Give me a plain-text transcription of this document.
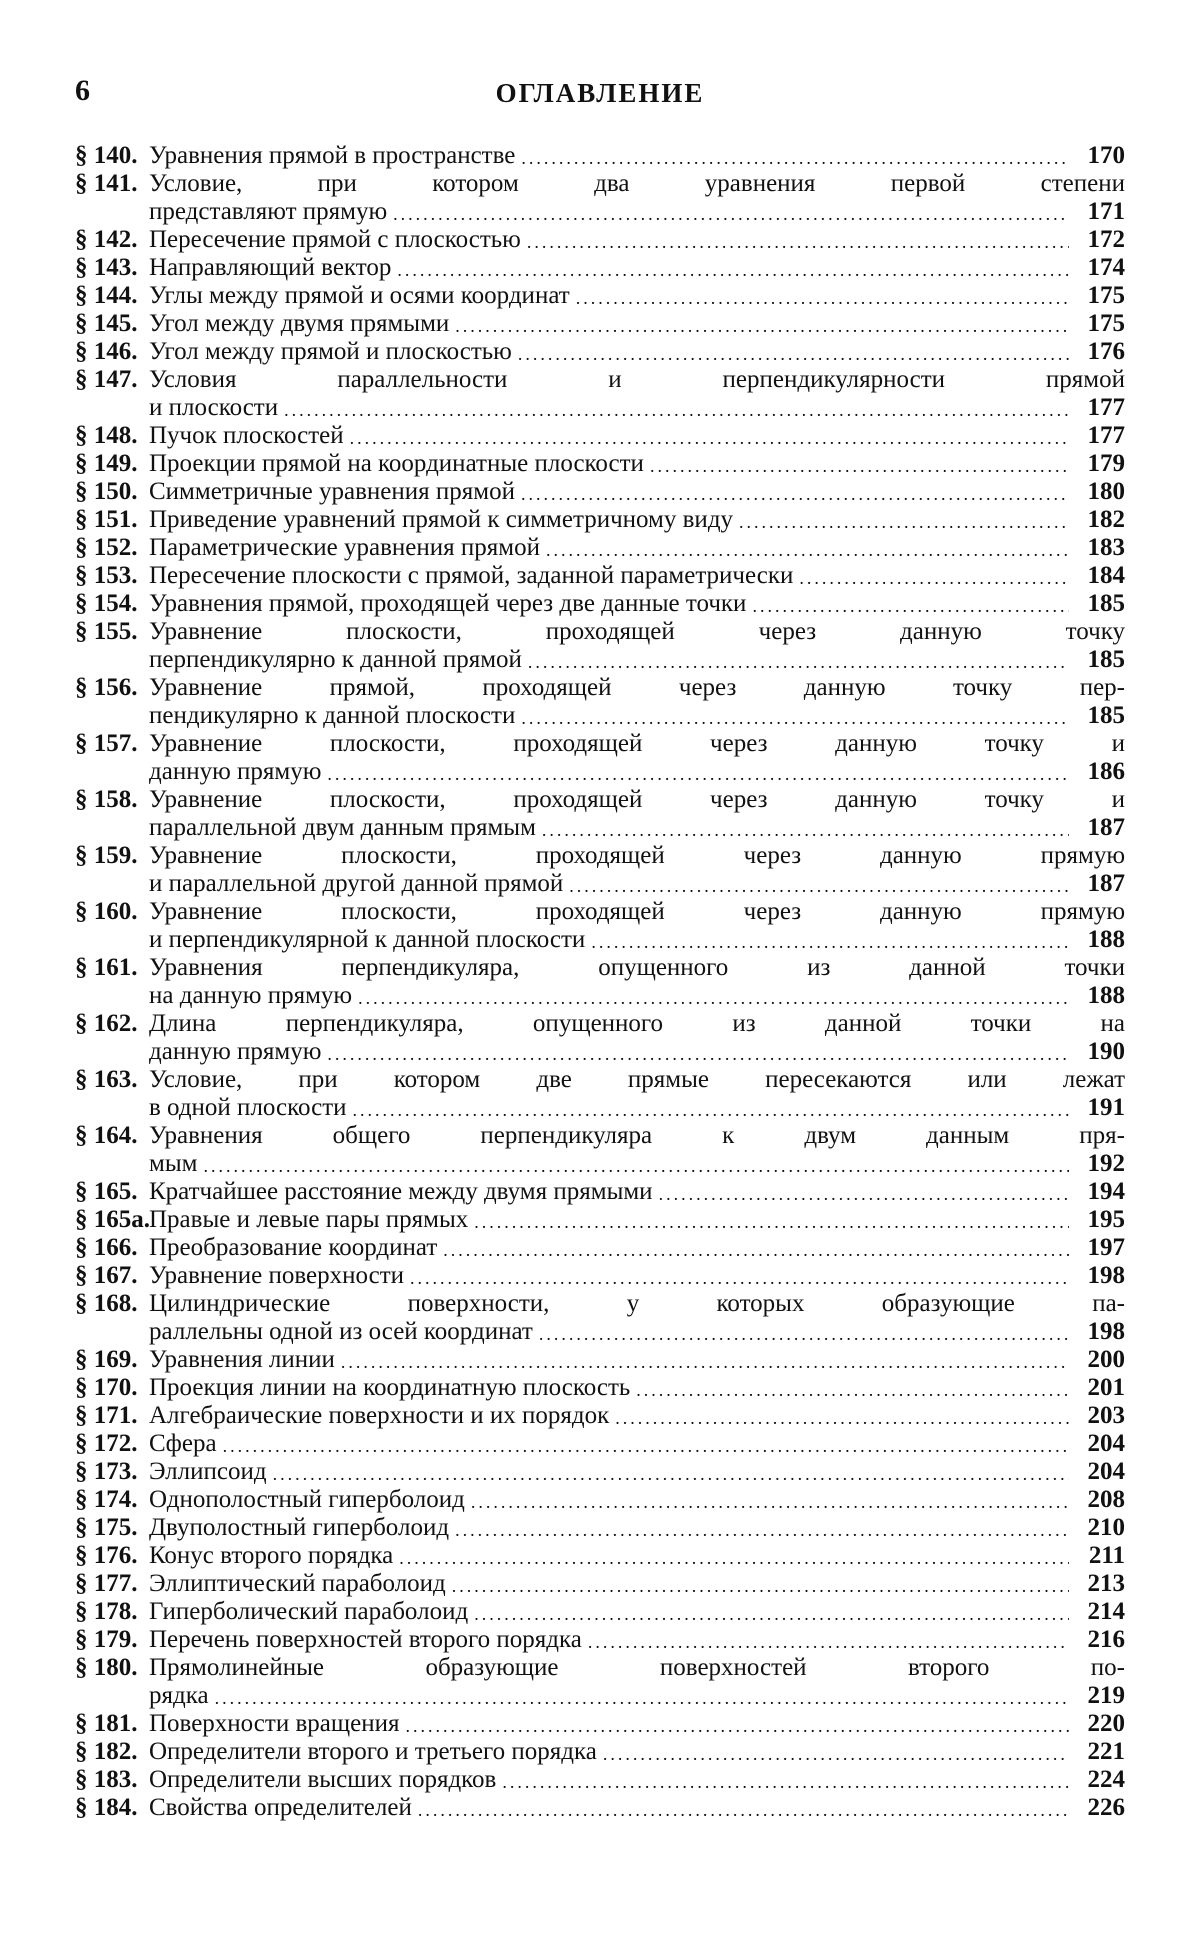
6	ОГЛАВЛЕНИЕ
§ 140. Уравнения прямой в пространстве .....	170
§ 141. Условие, при котором два уравнения первой степени
представляют прямую .....	171
§ 142. Пересечение прямой с плоскостью .....	172
§ 143. Направляющий вектор .....	174
§ 144. Углы между прямой и осями координат .....	175
§ 145. Угол между двумя прямыми .....	175
§ 146. Угол между прямой и плоскостью .....	176
§ 147. Условия параллельности и перпендикулярности прямой
и плоскости .....	177
§ 148. Пучок плоскостей .....	177
§ 149. Проекции прямой на координатные плоскости .....	179
§ 150. Симметричные уравнения прямой .....	180
§ 151. Приведение уравнений прямой к симметричному виду .....	182
§ 152. Параметрические уравнения прямой .....	183
§ 153. Пересечение плоскости с прямой, заданной параметрически .....	184
§ 154. Уравнения прямой, проходящей через две данные точки .....	185
§ 155. Уравнение плоскости, проходящей через данную точку
перпендикулярно к данной прямой .....	185
§ 156. Уравнение прямой, проходящей через данную точку пер-
пендикулярно к данной плоскости .....	185
§ 157. Уравнение плоскости, проходящей через данную точку и
данную прямую .....	186
§ 158. Уравнение плоскости, проходящей через данную точку и
параллельной двум данным прямым .....	187
§ 159. Уравнение плоскости, проходящей через данную прямую
и параллельной другой данной прямой .....	187
§ 160. Уравнение плоскости, проходящей через данную прямую
и перпендикулярной к данной плоскости .....	188
§ 161. Уравнения перпендикуляра, опущенного из данной точки
на данную прямую .....	188
§ 162. Длина перпендикуляра, опущенного из данной точки на
данную прямую .....	190
§ 163. Условие, при котором две прямые пересекаются или лежат
в одной плоскости .....	191
§ 164. Уравнения общего перпендикуляра к двум данным пря-
мым .....	192
§ 165. Кратчайшее расстояние между двумя прямыми .....	194
§ 165а. Правые и левые пары прямых .....	195
§ 166. Преобразование координат .....	197
§ 167. Уравнение поверхности .....	198
§ 168. Цилиндрические поверхности, у которых образующие па-
раллельны одной из осей координат .....	198
§ 169. Уравнения линии .....	200
§ 170. Проекция линии на координатную плоскость .....	201
§ 171. Алгебраические поверхности и их порядок .....	203
§ 172. Сфера .....	204
§ 173. Эллипсоид .....	204
§ 174. Однополостный гиперболоид .....	208
§ 175. Двуполостный гиперболоид .....	210
§ 176. Конус второго порядка .....	211
§ 177. Эллиптический параболоид .....	213
§ 178. Гиперболический параболоид .....	214
§ 179. Перечень поверхностей второго порядка .....	216
§ 180. Прямолинейные образующие поверхностей второго по-
рядка .....	219
§ 181. Поверхности вращения .....	220
§ 182. Определители второго и третьего порядка .....	221
§ 183. Определители высших порядков .....	224
§ 184. Свойства определителей .....	226
